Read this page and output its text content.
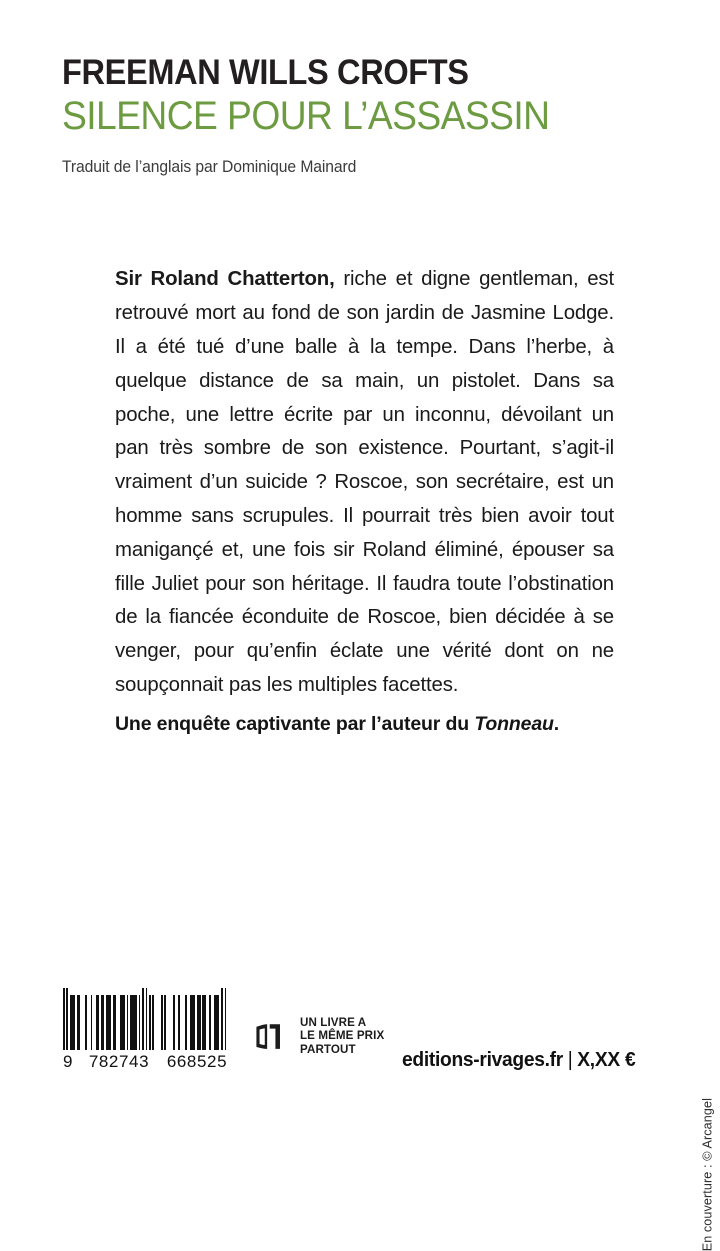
FREEMAN WILLS CROFTS
SILENCE POUR L’ASSASSIN
Traduit de l’anglais par Dominique Mainard

Sir Roland Chatterton, riche et digne gentleman, est retrouvé mort au fond de son jardin de Jasmine Lodge. Il a été tué d’une balle à la tempe. Dans l’herbe, à quelque distance de sa main, un pistolet. Dans sa poche, une lettre écrite par un inconnu, dévoilant un pan très sombre de son existence. Pourtant, s’agit-il vraiment d’un suicide ? Roscoe, son secrétaire, est un homme sans scrupules. Il pourrait très bien avoir tout manigançé et, une fois sir Roland éliminé, épouser sa fille Juliet pour son héritage. Il faudra toute l’obstination de la fiancée éconduite de Roscoe, bien décidée à se venger, pour qu’enfin éclate une vérité dont on ne soupçonnait pas les multiples facettes.

Une enquête captivante par l’auteur du Tonneau.
9 782743	668525
UN LIVRE A
LE MÊME PRIX
PARTOUT	editions-rivages.fr | X,XX €
En couverture : © Arcangel
